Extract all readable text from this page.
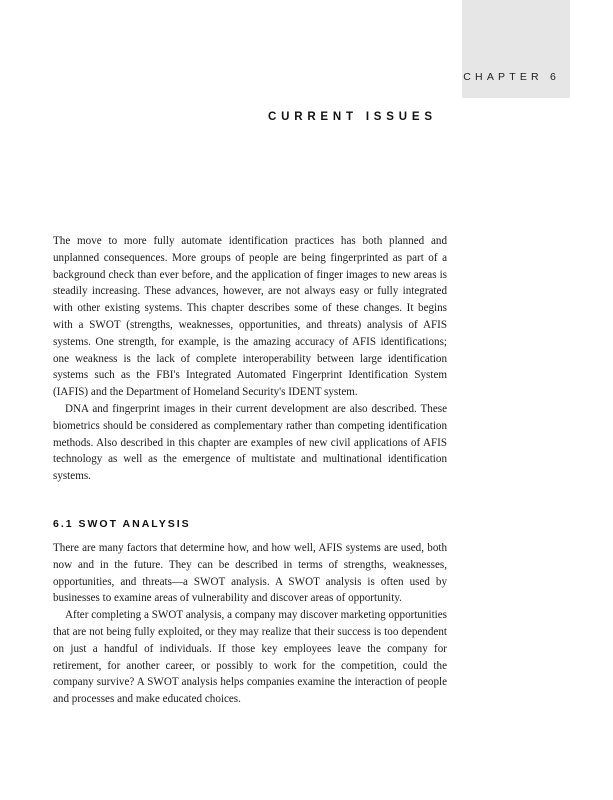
CHAPTER 6
CURRENT ISSUES

The move to more fully automate identification practices has both planned and unplanned consequences. More groups of people are being fingerprinted as part of a background check than ever before, and the application of finger images to new areas is steadily increasing. These advances, however, are not always easy or fully integrated with other existing systems. This chapter describes some of these changes. It begins with a SWOT (strengths, weaknesses, opportunities, and threats) analysis of AFIS systems. One strength, for example, is the amazing accuracy of AFIS identifications; one weakness is the lack of complete interoperability between large identification systems such as the FBI's Integrated Automated Fingerprint Identification System (IAFIS) and the Department of Homeland Security's IDENT system.

DNA and fingerprint images in their current development are also described. These biometrics should be considered as complementary rather than competing identification methods. Also described in this chapter are examples of new civil applications of AFIS technology as well as the emergence of multistate and multinational identification systems.

6.1 SWOT ANALYSIS

There are many factors that determine how, and how well, AFIS systems are used, both now and in the future. They can be described in terms of strengths, weaknesses, opportunities, and threats—a SWOT analysis. A SWOT analysis is often used by businesses to examine areas of vulnerability and discover areas of opportunity.

After completing a SWOT analysis, a company may discover marketing opportunities that are not being fully exploited, or they may realize that their success is too dependent on just a handful of individuals. If those key employees leave the company for retirement, for another career, or possibly to work for the competition, could the company survive? A SWOT analysis helps companies examine the interaction of people and processes and make educated choices.
